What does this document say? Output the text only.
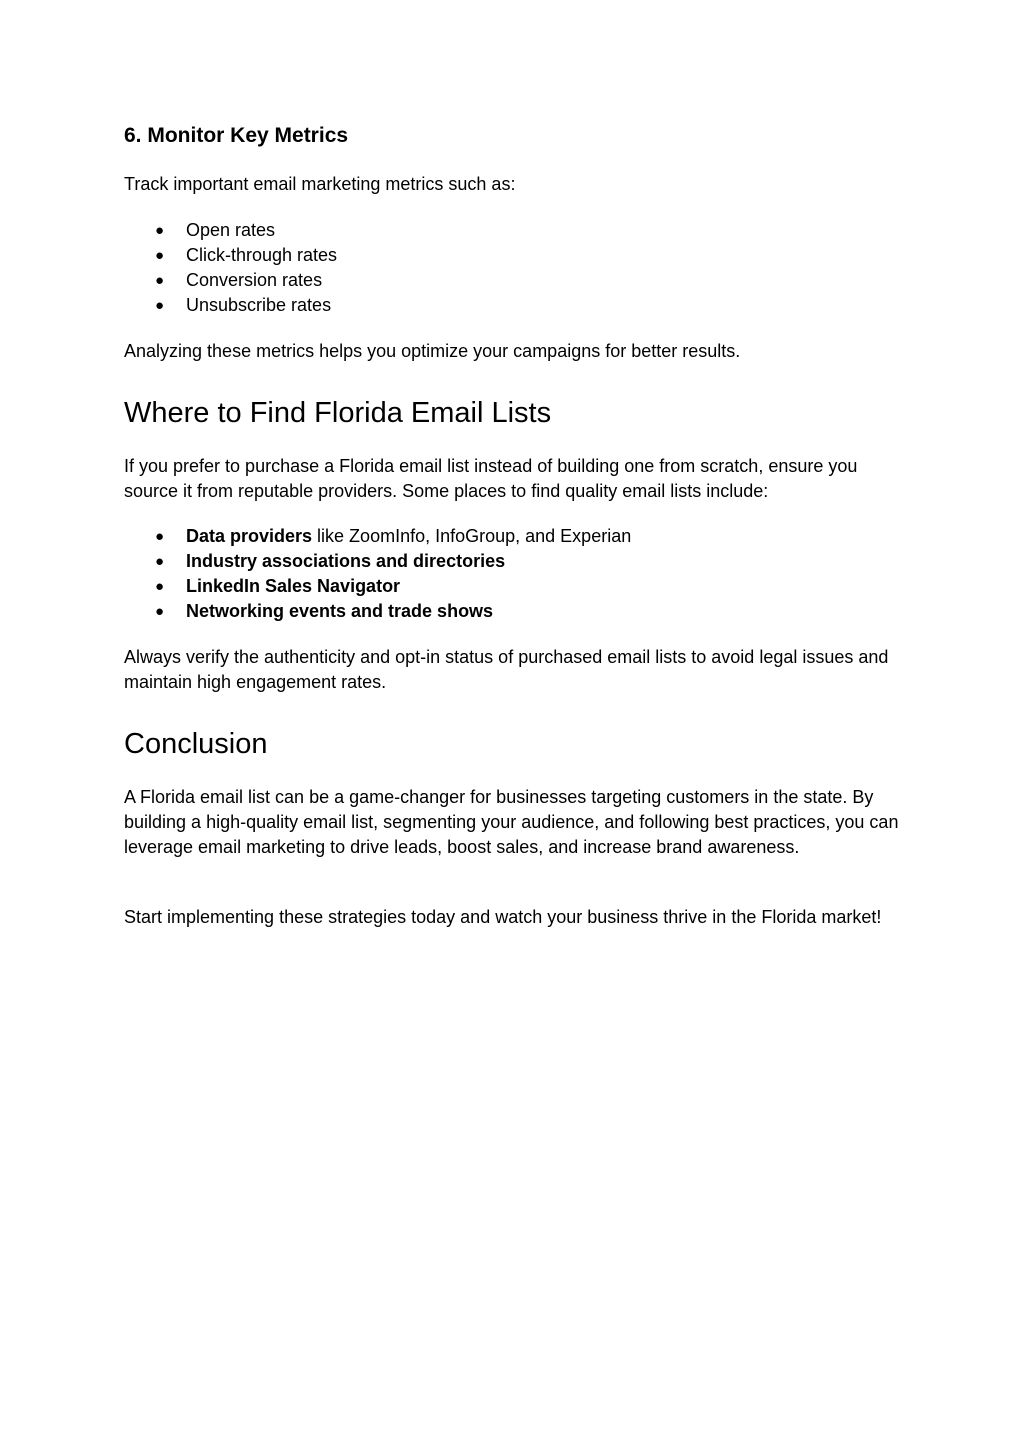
6. Monitor Key Metrics

Track important email marketing metrics such as:

● Open rates
● Click-through rates
● Conversion rates
● Unsubscribe rates

Analyzing these metrics helps you optimize your campaigns for better results.

Where to Find Florida Email Lists

If you prefer to purchase a Florida email list instead of building one from scratch, ensure you source it from reputable providers. Some places to find quality email lists include:

● Data providers like ZoomInfo, InfoGroup, and Experian
● Industry associations and directories
● LinkedIn Sales Navigator
● Networking events and trade shows

Always verify the authenticity and opt-in status of purchased email lists to avoid legal issues and maintain high engagement rates.

Conclusion

A Florida email list can be a game-changer for businesses targeting customers in the state. By building a high-quality email list, segmenting your audience, and following best practices, you can leverage email marketing to drive leads, boost sales, and increase brand awareness.

Start implementing these strategies today and watch your business thrive in the Florida market!
